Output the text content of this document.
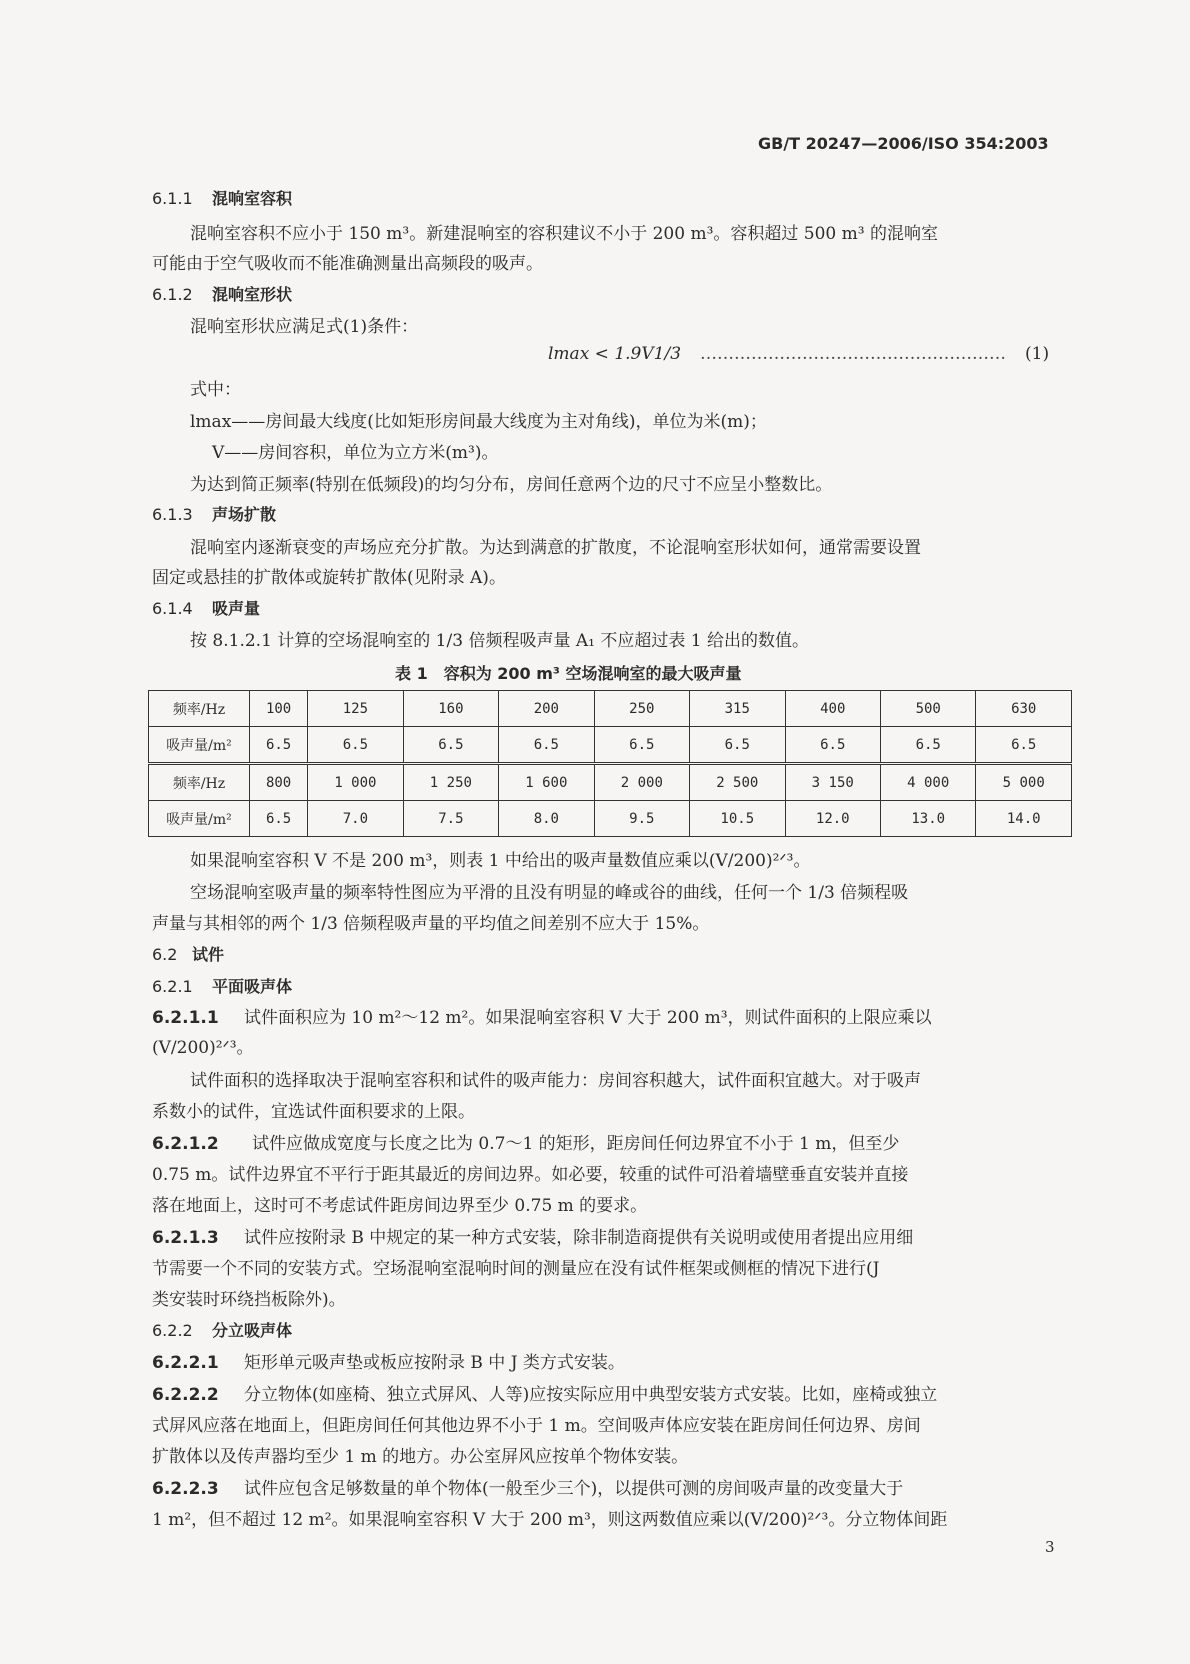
GB/T 20247—2006/ISO 354:2003
6.1.1 混响室容积
混响室容积不应小于 150 m³。新建混响室的容积建议不小于 200 m³。容积超过 500 m³ 的混响室
可能由于空气吸收而不能准确测量出高频段的吸声。
6.1.2 混响室形状
混响室形状应满足式(1)条件：
lmax < 1.9V1/3 ……………………………………………… (1)
式中：
lmax——房间最大线度(比如矩形房间最大线度为主对角线)，单位为米(m)；
V——房间容积，单位为立方米(m³)。
为达到简正频率(特别在低频段)的均匀分布，房间任意两个边的尺寸不应呈小整数比。
6.1.3 声场扩散
混响室内逐渐衰变的声场应充分扩散。为达到满意的扩散度，不论混响室形状如何，通常需要设置
固定或悬挂的扩散体或旋转扩散体(见附录 A)。
6.1.4 吸声量
按 8.1.2.1 计算的空场混响室的 1/3 倍频程吸声量 A₁ 不应超过表 1 给出的数值。
表 1　容积为 200 m³ 空场混响室的最大吸声量
频率/Hz	100	125	160	200	250	315	400	500	630
吸声量/m²	6.5	6.5	6.5	6.5	6.5	6.5	6.5	6.5	6.5
频率/Hz	800	1 000	1 250	1 600	2 000	2 500	3 150	4 000	5 000
吸声量/m²	6.5	7.0	7.5	8.0	9.5	10.5	12.0	13.0	14.0
如果混响室容积 V 不是 200 m³，则表 1 中给出的吸声量数值应乘以(V/200)²ᐟ³。
空场混响室吸声量的频率特性图应为平滑的且没有明显的峰或谷的曲线，任何一个 1/3 倍频程吸
声量与其相邻的两个 1/3 倍频程吸声量的平均值之间差别不应大于 15%。
6.2 试件
6.2.1 平面吸声体
6.2.1.1 试件面积应为 10 m²～12 m²。如果混响室容积 V 大于 200 m³，则试件面积的上限应乘以
(V/200)²ᐟ³。
试件面积的选择取决于混响室容积和试件的吸声能力：房间容积越大，试件面积宜越大。对于吸声
系数小的试件，宜选试件面积要求的上限。
6.2.1.2 试件应做成宽度与长度之比为 0.7～1 的矩形，距房间任何边界宜不小于 1 m，但至少
0.75 m。试件边界宜不平行于距其最近的房间边界。如必要，较重的试件可沿着墙壁垂直安装并直接
落在地面上，这时可不考虑试件距房间边界至少 0.75 m 的要求。
6.2.1.3 试件应按附录 B 中规定的某一种方式安装，除非制造商提供有关说明或使用者提出应用细
节需要一个不同的安装方式。空场混响室混响时间的测量应在没有试件框架或侧框的情况下进行(J
类安装时环绕挡板除外)。
6.2.2 分立吸声体
6.2.2.1 矩形单元吸声垫或板应按附录 B 中 J 类方式安装。
6.2.2.2 分立物体(如座椅、独立式屏风、人等)应按实际应用中典型安装方式安装。比如，座椅或独立
式屏风应落在地面上，但距房间任何其他边界不小于 1 m。空间吸声体应安装在距房间任何边界、房间
扩散体以及传声器均至少 1 m 的地方。办公室屏风应按单个物体安装。
6.2.2.3 试件应包含足够数量的单个物体(一般至少三个)，以提供可测的房间吸声量的改变量大于
1 m²，但不超过 12 m²。如果混响室容积 V 大于 200 m³，则这两数值应乘以(V/200)²ᐟ³。分立物体间距
3
